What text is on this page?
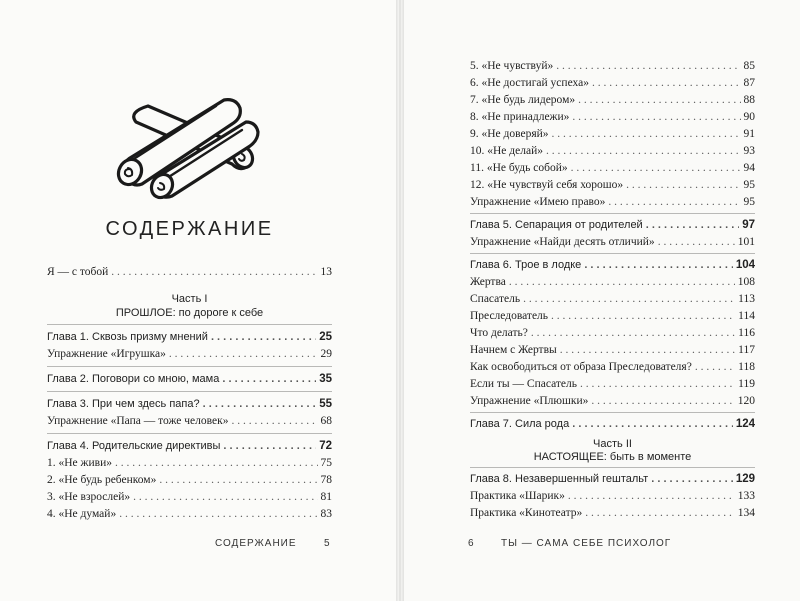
СОДЕРЖАНИЕ
Я — с тобой . . .	13
Часть I
ПРОШЛОЕ: по дороге к себе
Глава 1. Сквозь призму мнений . . .	25
Упражнение «Игрушка» . . .	29
Глава 2. Поговори со мною, мама . . .	35
Глава 3. При чем здесь папа? . . .	55
Упражнение «Папа — тоже человек» . . .	68
Глава 4. Родительские директивы . . .	72
1. «Не живи» . . .	75
2. «Не будь ребенком» . . .	78
3. «Не взрослей» . . .	81
4. «Не думай» . . .	83
СОДЕРЖАНИЕ	5
5. «Не чувствуй» . . .	85
6. «Не достигай успеха» . . .	87
7. «Не будь лидером» . . .	88
8. «Не принадлежи» . . .	90
9. «Не доверяй» . . .	91
10. «Не делай» . . .	93
11. «Не будь собой» . . .	94
12. «Не чувствуй себя хорошо» . . .	95
Упражнение «Имею право» . . .	95
Глава 5. Сепарация от родителей . . .	97
Упражнение «Найди десять отличий» . . .	101
Глава 6. Трое в лодке . . .	104
Жертва . . .	108
Спасатель . . .	113
Преследователь . . .	114
Что делать? . . .	116
Начнем с Жертвы . . .	117
Как освободиться от образа Преследователя? . . .	118
Если ты — Спасатель . . .	119
Упражнение «Плюшки» . . .	120
Глава 7. Сила рода . . .	124
Часть II
НАСТОЯЩЕЕ: быть в моменте
Глава 8. Незавершенный гештальт . . .	129
Практика «Шарик» . . .	133
Практика «Кинотеатр» . . .	134
6	ТЫ — САМА СЕБЕ ПСИХОЛОГ
